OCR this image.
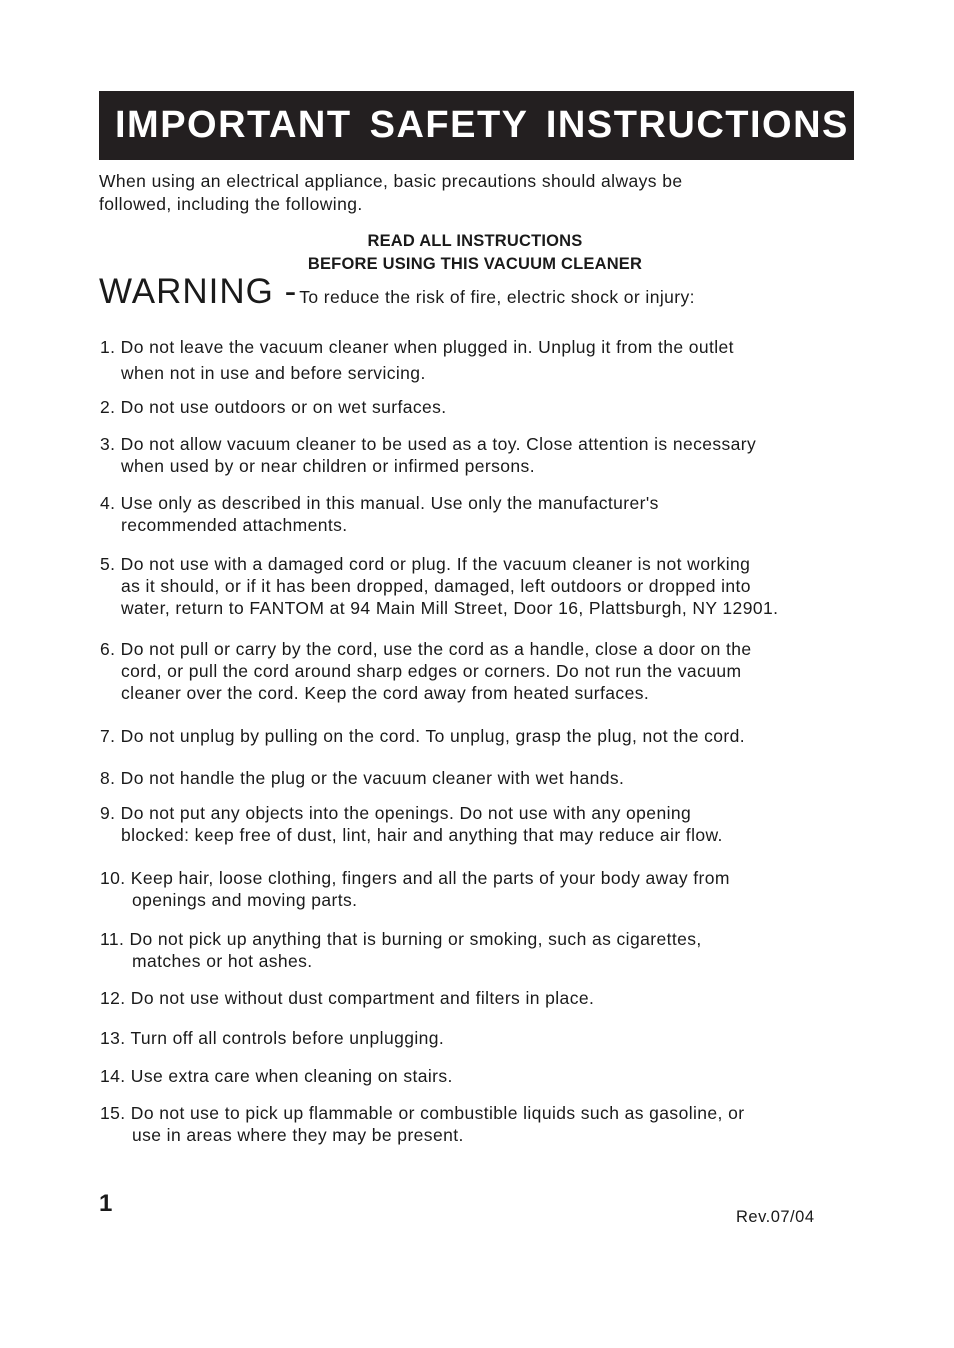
IMPORTANT SAFETY INSTRUCTIONS
When using an electrical appliance, basic precautions should always be
followed, including the following.
READ ALL INSTRUCTIONS
BEFORE USING THIS VACUUM CLEANER
WARNING - To reduce the risk of fire, electric shock or injury:
1. Do not leave the vacuum cleaner when plugged in. Unplug it from the outlet
when not in use and before servicing.
2. Do not use outdoors or on wet surfaces.
3. Do not allow vacuum cleaner to be used as a toy. Close attention is necessary
when used by or near children or infirmed persons.
4. Use only as described in this manual. Use only the manufacturer's
recommended attachments.
5. Do not use with a damaged cord or plug. If the vacuum cleaner is not working
as it should, or if it has been dropped, damaged, left outdoors or dropped into
water, return to FANTOM at 94 Main Mill Street, Door 16, Plattsburgh, NY 12901.
6. Do not pull or carry by the cord, use the cord as a handle, close a door on the
cord, or pull the cord around sharp edges or corners. Do not run the vacuum
cleaner over the cord. Keep the cord away from heated surfaces.
7. Do not unplug by pulling on the cord. To unplug, grasp the plug, not the cord.
8. Do not handle the plug or the vacuum cleaner with wet hands.
9. Do not put any objects into the openings. Do not use with any opening
blocked: keep free of dust, lint, hair and anything that may reduce air flow.
10. Keep hair, loose clothing, fingers and all the parts of your body away from
openings and moving parts.
11. Do not pick up anything that is burning or smoking, such as cigarettes,
matches or hot ashes.
12. Do not use without dust compartment and filters in place.
13. Turn off all controls before unplugging.
14. Use extra care when cleaning on stairs.
15. Do not use to pick up flammable or combustible liquids such as gasoline, or
use in areas where they may be present.
1	Rev.07/04
